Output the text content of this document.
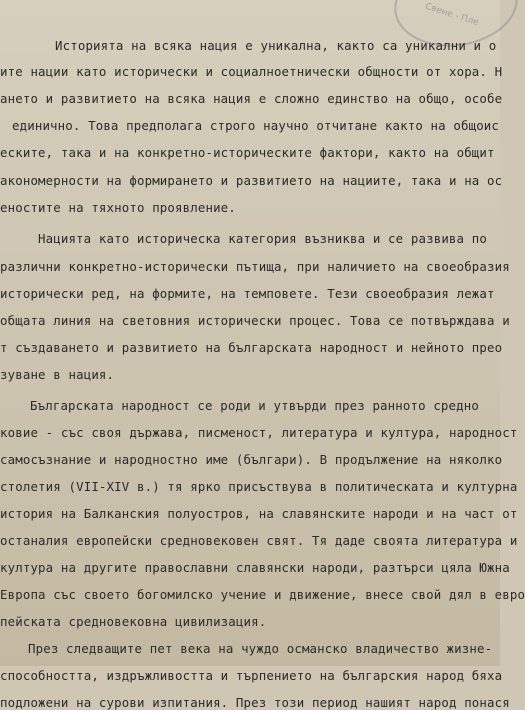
Свене - Пле
Историята на всяка нация е уникална, както са уникални и о
ите нации като исторически и социалноетнически общности от хора. Н
ането и развитието на всяка нация е сложно единство на общо, особе
единично. Това предполага строго научно отчитане както на общоис
еските, така и на конкретно-историческите фактори, както на общит
акономерности на формирането и развитието на нациите, така и на ос
еностите на тяхното проявление.
Нацията като историческа категория възниква и се развива по
различни конкретно-исторически пътища, при наличието на своеобразия
исторически ред, на формите, на темповете. Тези своеобразия лежат
общата линия на световния исторически процес. Това се потвърждава и
т създаването и развитието на българската народност и нейното прео
зуване в нация.
Българската народност се роди и утвърди през ранното средно
ковие - със своя държава, писменост, литература и култура, народност
самосъзнание и народностно име (българи). В продължение на няколко
столетия (VII-XIV в.) тя ярко присъствува в политическата и културна
история на Балканския полуостров, на славянските народи и на част от
останалия европейски средновековен свят. Тя даде своята литература и
култура на другите православни славянски народи, разтърси цяла Южна
Европа със своето богомилско учение и движение, внесе свой дял в евро
пейската средновековна цивилизация.
През следващите пет века на чуждо османско владичество жизне-
способността, издръжливостта и търпението на българския народ бяха
подложени на сурови изпитания. През този период нашият народ понася
